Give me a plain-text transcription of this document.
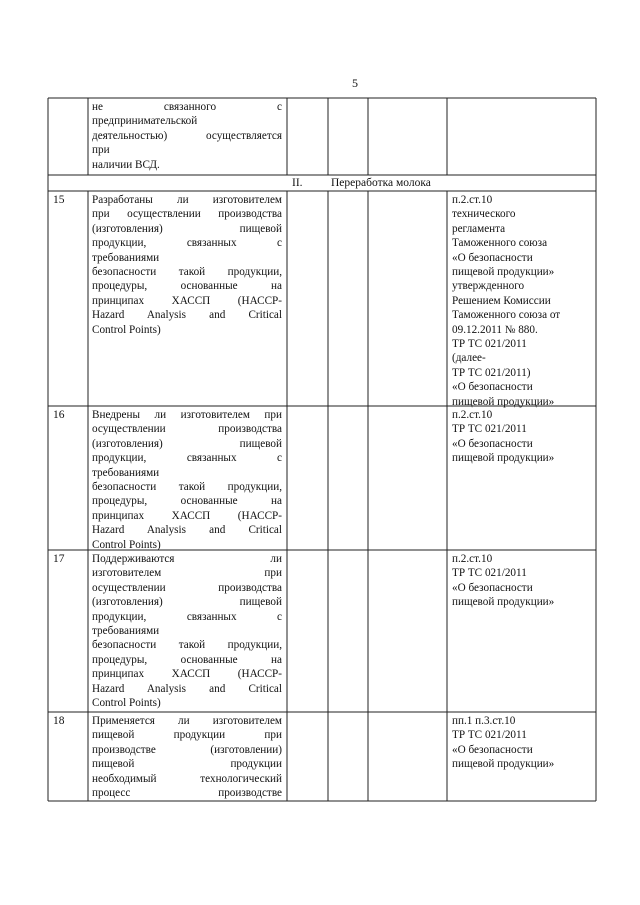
5
не связанного с
предпринимательской
деятельностью) осуществляется
при
наличии ВСД.
II. Переработка молока
15 Разработаны ли изготовителем
при осуществлении производства
(изготовления) пищевой
продукции, связанных с
требованиями
безопасности такой продукции,
процедуры, основанные на
принципах ХАССП (НАССР-
Hazard Analysis and Critical
Control Points)
п.2.ст.10
технического
регламента
Таможенного союза
«О безопасности
пищевой продукции»
утвержденного
Решением Комиссии
Таможенного союза от
09.12.2011 № 880.
ТР ТС 021/2011
(далее-
ТР ТС 021/2011)
«О безопасности
пищевой продукции»
16 Внедрены ли изготовителем при
осуществлении производства
(изготовления) пищевой
продукции, связанных с
требованиями
безопасности такой продукции,
процедуры, основанные на
принципах ХАССП (НАССР-
Hazard Analysis and Critical
Control Points)
п.2.ст.10
ТР ТС 021/2011
«О безопасности
пищевой продукции»
17 Поддерживаются ли
изготовителем при
осуществлении производства
(изготовления) пищевой
продукции, связанных с
требованиями
безопасности такой продукции,
процедуры, основанные на
принципах ХАССП (НАССР-
Hazard Analysis and Critical
Control Points)
п.2.ст.10
ТР ТС 021/2011
«О безопасности
пищевой продукции»
18 Применяется ли изготовителем
пищевой продукции при
производстве (изготовлении)
пищевой продукции
необходимый технологический
процесс производстве
пп.1 п.3.ст.10
ТР ТС 021/2011
«О безопасности
пищевой продукции»
